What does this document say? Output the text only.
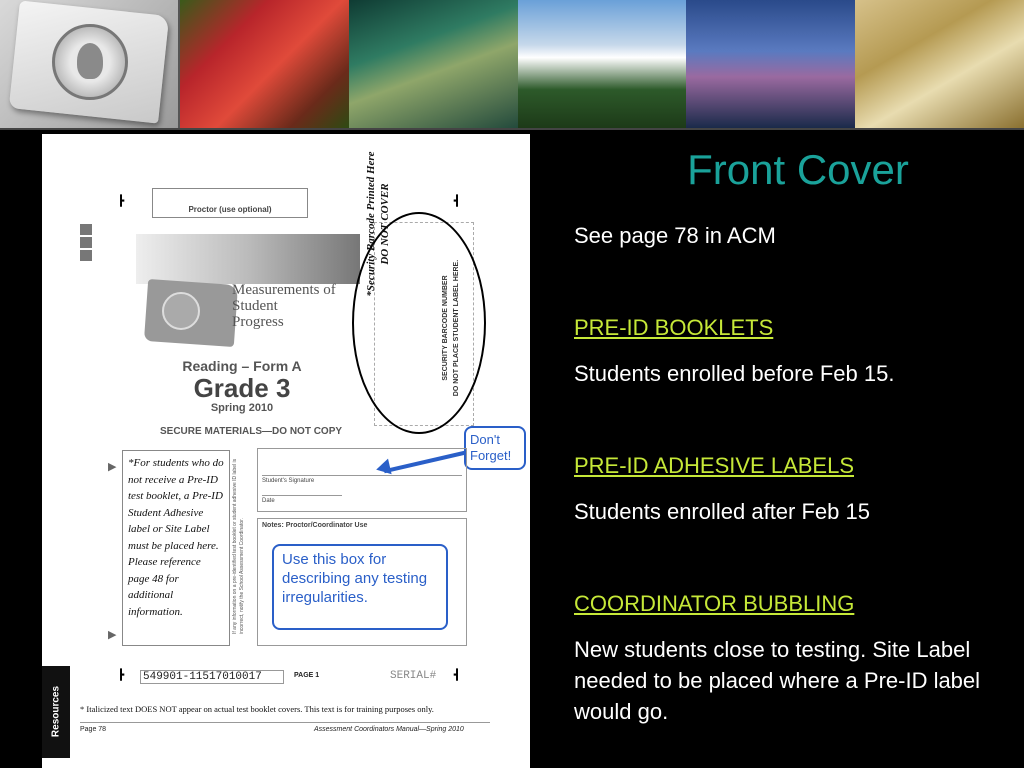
┣	┫
Proctor (use optional)
Measurements of
Student
Progress
Reading – Form A
Grade 3
Spring 2010
SECURE MATERIALS—DO NOT COPY
*Security Barcode Printed Here DO NOT COVER
SECURITY BARCODE NUMBER DO NOT PLACE STUDENT LABEL HERE.
Don't Forget!
▶
▶
*For students who do not receive a Pre-ID test booklet, a Pre-ID Student Adhesive label or Site Label must be placed here. Please reference page 48 for additional information.	If any information on a pre-identified test booklet or student adhesive ID label is incorrect, notify the School Assessment Coordinator.
Student's Signature
Date
Notes: Proctor/Coordinator Use
Use this box for describing any testing irregularities.
┣ 549901-11517010017	PAGE 1	SERIAL# ┫
Resources * Italicized text DOES NOT appear on actual test booklet covers. This text is for training purposes only.
Page 78	Assessment Coordinators Manual—Spring 2010
Front Cover
See page 78 in ACM
PRE-ID BOOKLETS
Students enrolled before Feb 15.
PRE-ID ADHESIVE LABELS
Students enrolled after Feb 15
COORDINATOR BUBBLING
New students close to testing. Site Label needed to be placed where a Pre-ID label would go.
